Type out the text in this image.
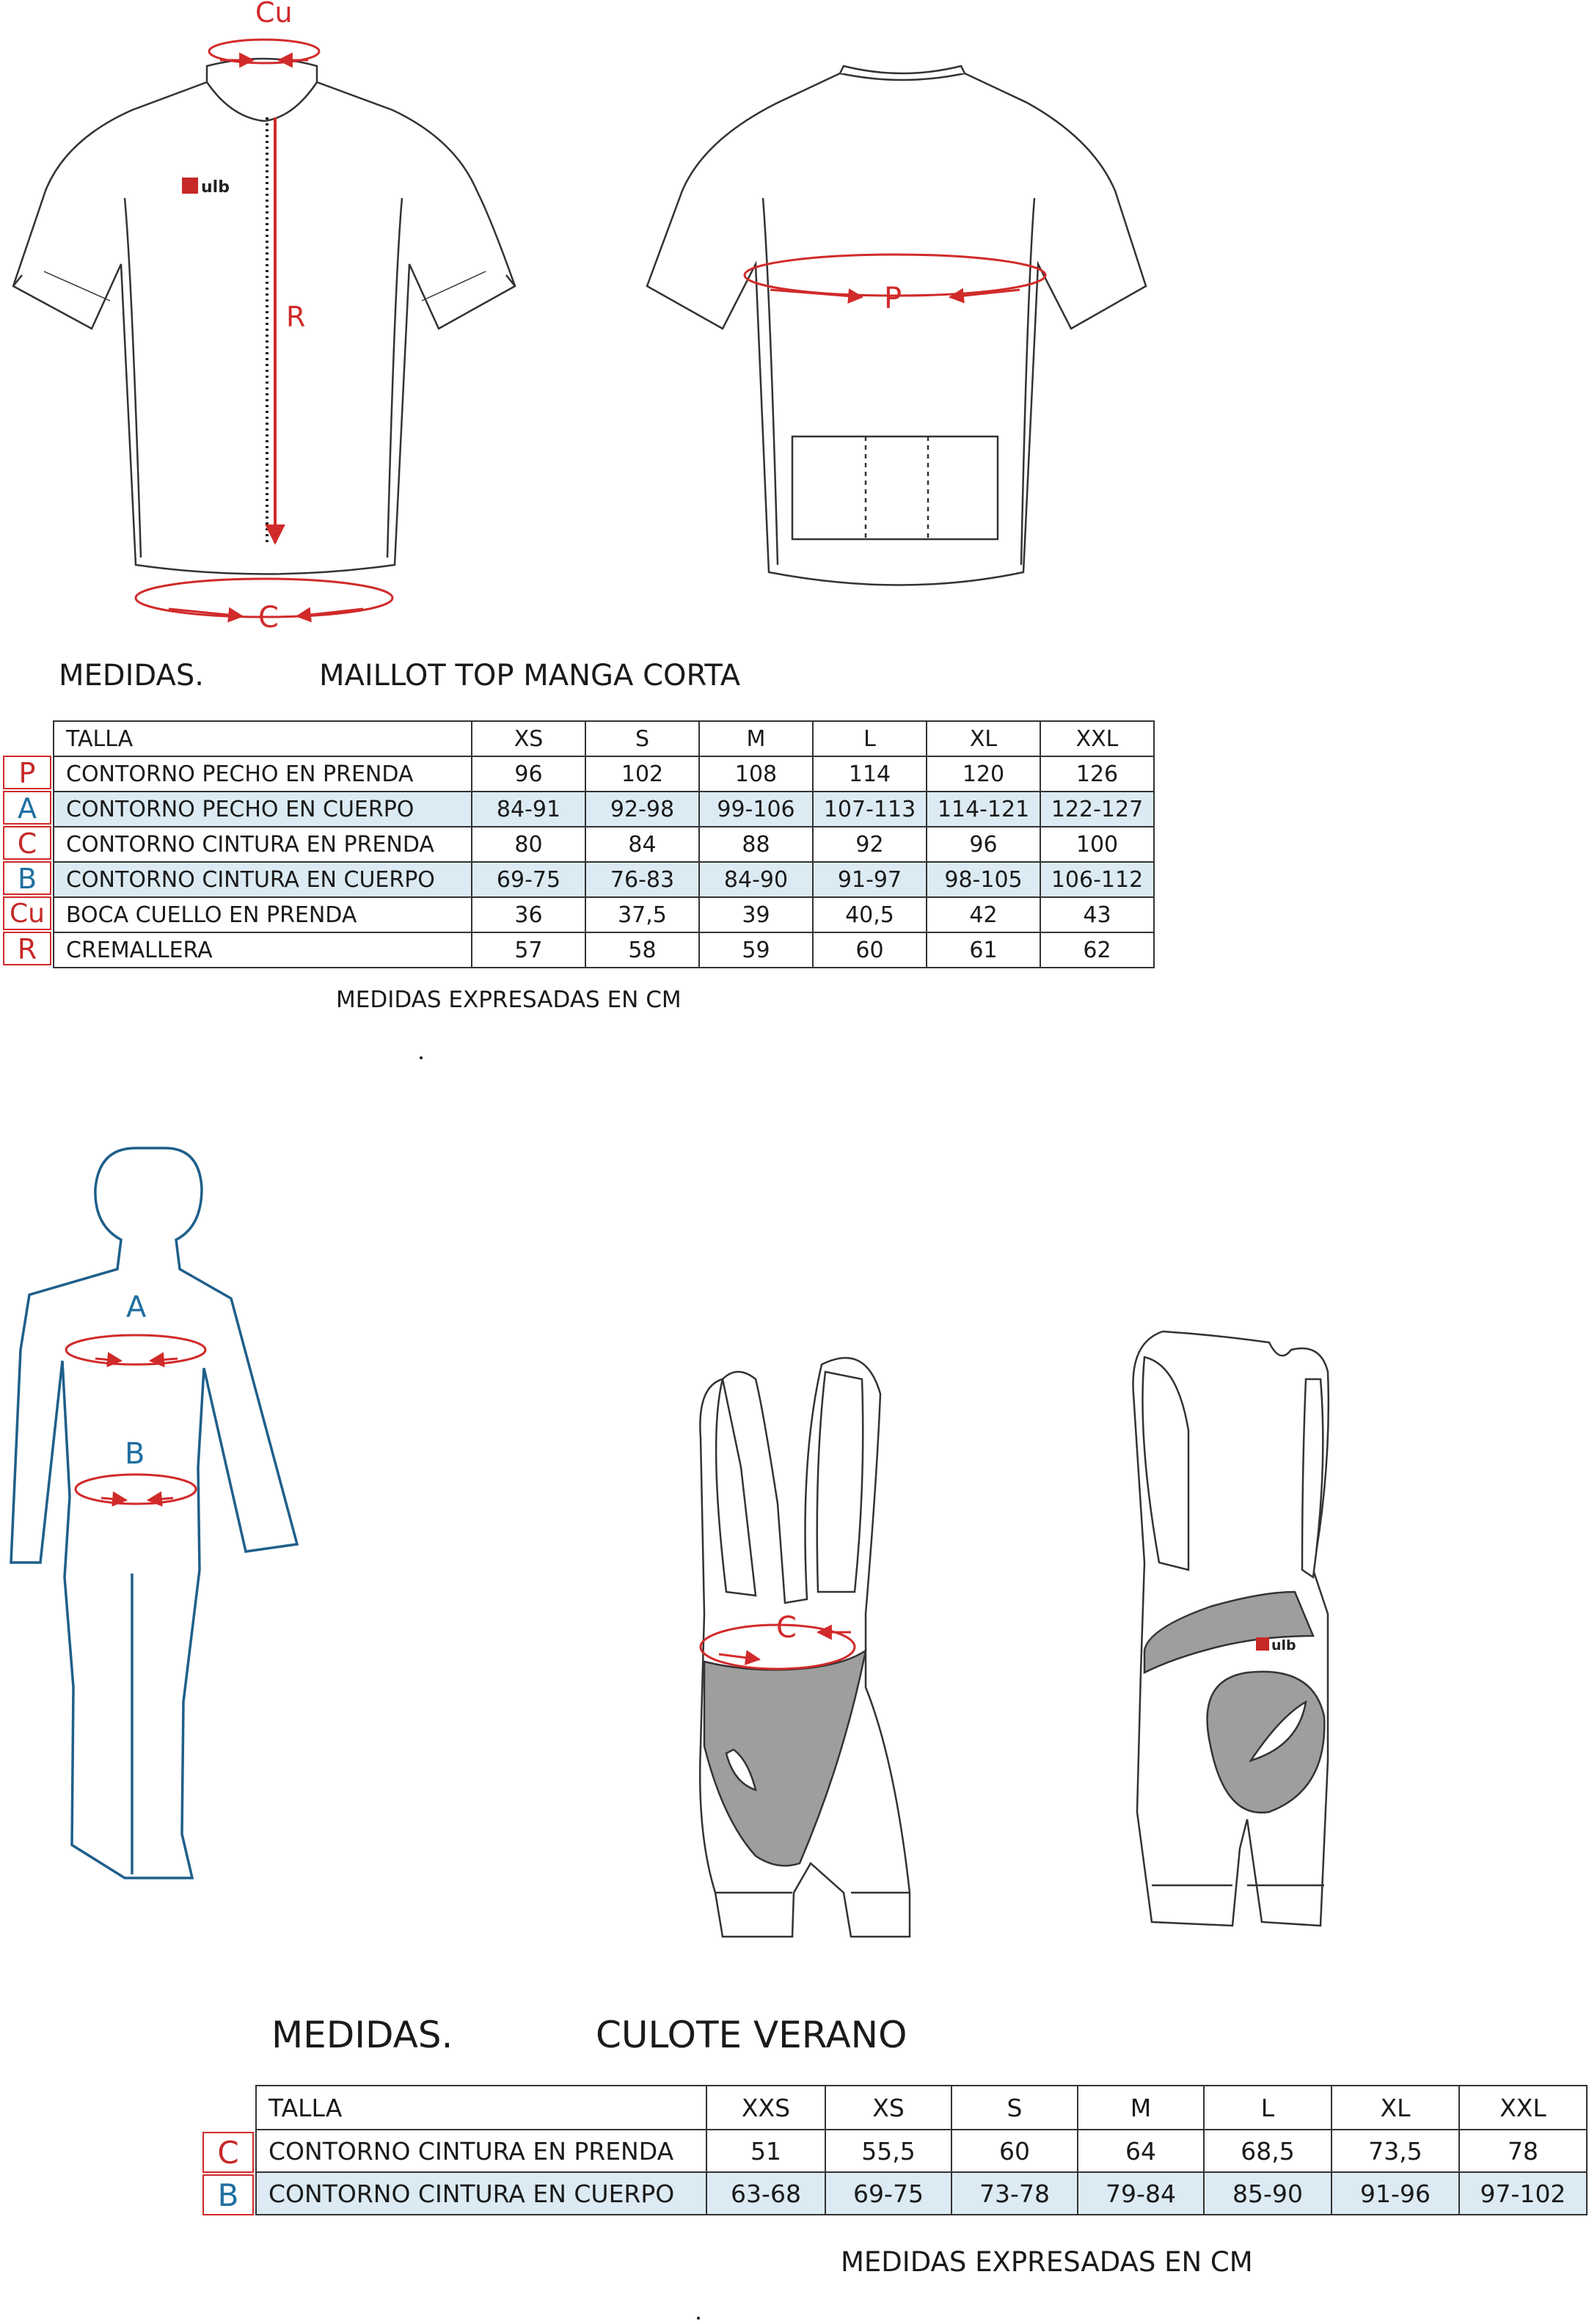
ulb
Cu
R
C
P
A
B
C
ulb
MEDIDAS.	MAILLOT TOP MANGA CORTA
P
A
C
B
Cu
R
TALLA	XS	S	M	L	XL	XXL
CONTORNO PECHO EN PRENDA	96	102	108	114	120	126
CONTORNO PECHO EN CUERPO	84-91	92-98	99-106	107-113	114-121	122-127
CONTORNO CINTURA EN PRENDA	80	84	88	92	96	100
CONTORNO CINTURA EN CUERPO	69-75	76-83	84-90	91-97	98-105	106-112
BOCA CUELLO EN PRENDA	36	37,5	39	40,5	42	43
CREMALLERA	57	58	59	60	61	62
MEDIDAS EXPRESADAS EN CM
MEDIDAS.	CULOTE VERANO
C
B
TALLA	XXS	XS	S	M	L	XL	XXL
CONTORNO CINTURA EN PRENDA	51	55,5	60	64	68,5	73,5	78
CONTORNO CINTURA EN CUERPO	63-68	69-75	73-78	79-84	85-90	91-96	97-102
MEDIDAS EXPRESADAS EN CM
